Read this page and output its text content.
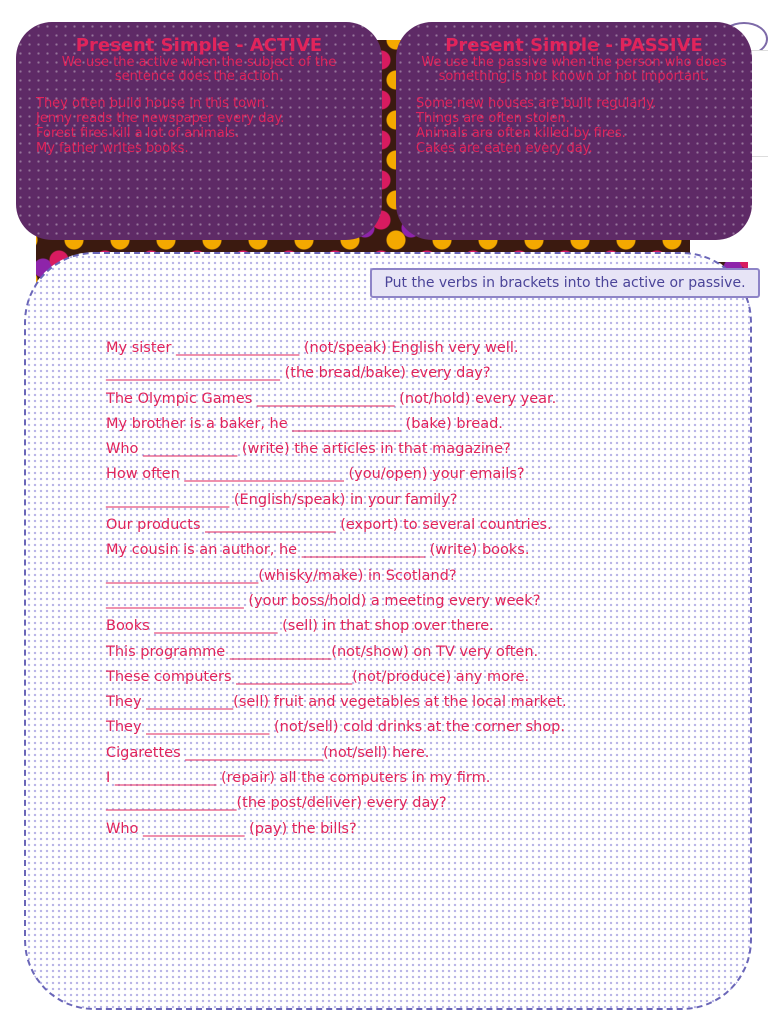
Present Simple - ACTIVE
We use the active when the subject of the sentence does the action.
They often build house in this town.
Jenny reads the newspaper every day.
Forest fires kill a lot of animals.
My father writes books.
Present Simple - PASSIVE
We use the passive when the person who does something is not known or not important.
Some new houses are built regularly.
Things are often stolen.
Animals are often killed by fires.
Cakes are eaten every day.
Put the verbs in brackets into the active or passive.
My sister _________________ (not/speak) English very well.
________________________ (the bread/bake) every day?
The Olympic Games ___________________ (not/hold) every year.
My brother is a baker, he _______________ (bake) bread.
Who _____________ (write) the articles in that magazine?
How often ______________________ (you/open) your emails?
_________________ (English/speak) in your family?
Our products __________________ (export) to several countries.
My cousin is an author, he _________________ (write) books.
_____________________(whisky/make) in Scotland?
___________________ (your boss/hold) a meeting every week?
Books _________________ (sell) in that shop over there.
This programme ______________(not/show) on TV very often.
These computers ________________(not/produce) any more.
They ____________(sell) fruit and vegetables at the local market.
They _________________ (not/sell) cold drinks at the corner shop.
Cigarettes ___________________(not/sell) here.
I ______________ (repair) all the computers in my firm.
__________________(the post/deliver) every day?
Who ______________ (pay) the bills?
